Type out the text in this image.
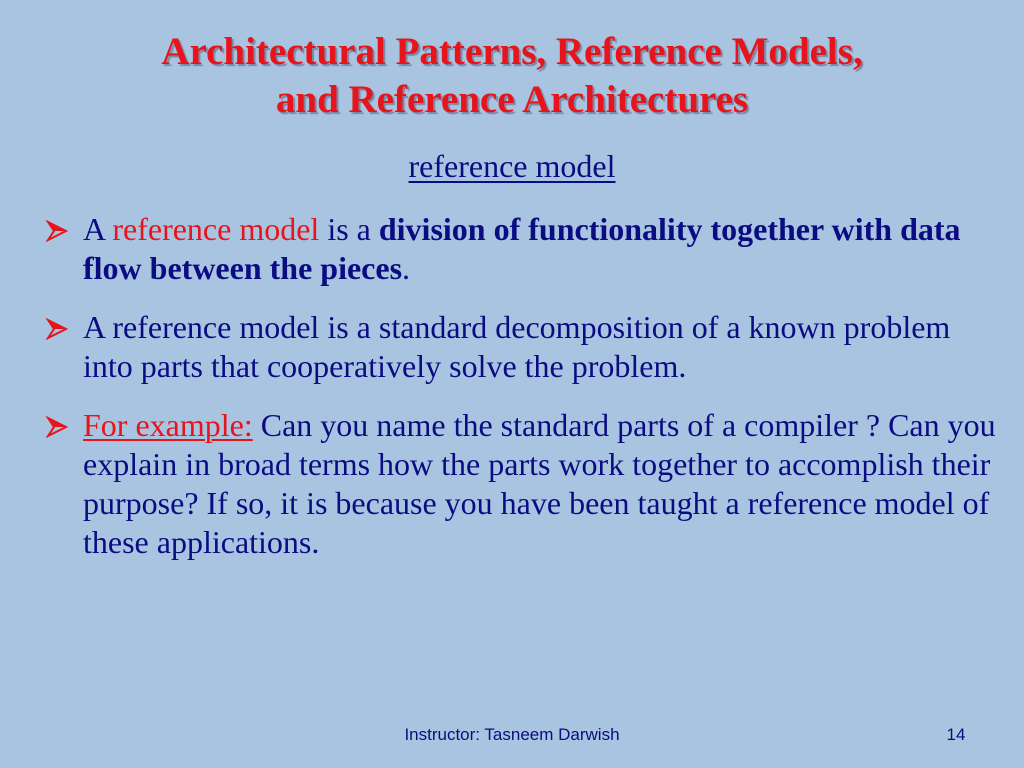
Architectural Patterns, Reference Models,
and Reference Architectures
reference model
A reference model is a division of functionality together with data flow between the pieces.
A reference model is a standard decomposition of a known problem into parts that cooperatively solve the problem.
For example: Can you name the standard parts of a compiler ? Can you explain in broad terms how the parts work together to accomplish their purpose? If so, it is because you have been taught a reference model of these applications.
Instructor: Tasneem Darwish	14
